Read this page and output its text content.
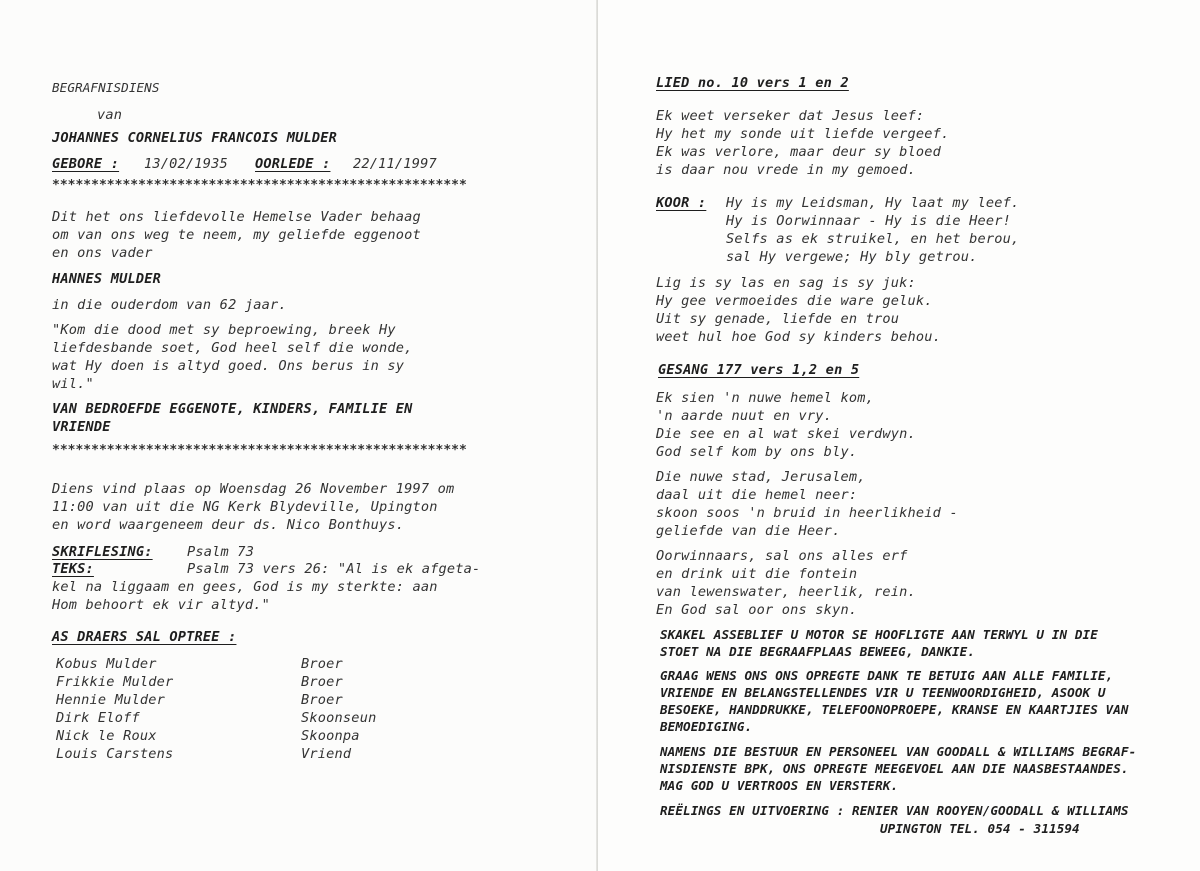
BEGRAFNISDIENS
van
JOHANNES CORNELIUS FRANCOIS MULDER
GEBORE : 13/02/1935 OORLEDE : 22/11/1997
*****************************************************
Dit het ons liefdevolle Hemelse Vader behaag
om van ons weg te neem, my geliefde eggenoot
en ons vader
HANNES MULDER
in die ouderdom van 62 jaar.
"Kom die dood met sy beproewing, breek Hy
liefdesbande soet, God heel self die wonde,
wat Hy doen is altyd goed. Ons berus in sy
wil."
VAN BEDROEFDE EGGENOTE, KINDERS, FAMILIE EN
VRIENDE
*****************************************************
Diens vind plaas op Woensdag 26 November 1997 om
11:00 van uit die NG Kerk Blydeville, Upington
en word waargeneem deur ds. Nico Bonthuys.
SKRIFLESING:	Psalm 73
TEKS:	Psalm 73 vers 26: "Al is ek afgeta-
kel na liggaam en gees, God is my sterkte: aan
Hom behoort ek vir altyd."
AS DRAERS SAL OPTREE :
Kobus Mulder	Broer
Frikkie Mulder	Broer
Hennie Mulder	Broer
Dirk Eloff	Skoonseun
Nick le Roux	Skoonpa
Louis Carstens	Vriend
LIED no. 10 vers 1 en 2
Ek weet verseker dat Jesus leef:
Hy het my sonde uit liefde vergeef.
Ek was verlore, maar deur sy bloed
is daar nou vrede in my gemoed.
KOOR : Hy is my Leidsman, Hy laat my leef.
Hy is Oorwinnaar - Hy is die Heer!
Selfs as ek struikel, en het berou,
sal Hy vergewe; Hy bly getrou.
Lig is sy las en sag is sy juk:
Hy gee vermoeides die ware geluk.
Uit sy genade, liefde en trou
weet hul hoe God sy kinders behou.
GESANG 177 vers 1,2 en 5
Ek sien 'n nuwe hemel kom,
'n aarde nuut en vry.
Die see en al wat skei verdwyn.
God self kom by ons bly.
Die nuwe stad, Jerusalem,
daal uit die hemel neer:
skoon soos 'n bruid in heerlikheid -
geliefde van die Heer.
Oorwinnaars, sal ons alles erf
en drink uit die fontein
van lewenswater, heerlik, rein.
En God sal oor ons skyn.
SKAKEL ASSEBLIEF U MOTOR SE HOOFLIGTE AAN TERWYL U IN DIE
STOET NA DIE BEGRAAFPLAAS BEWEEG, DANKIE.
GRAAG WENS ONS ONS OPREGTE DANK TE BETUIG AAN ALLE FAMILIE,
VRIENDE EN BELANGSTELLENDES VIR U TEENWOORDIGHEID, ASOOK U
BESOEKE, HANDDRUKKE, TELEFOONOPROEPE, KRANSE EN KAARTJIES VAN
BEMOEDIGING.
NAMENS DIE BESTUUR EN PERSONEEL VAN GOODALL & WILLIAMS BEGRAF-
NISDIENSTE BPK, ONS OPREGTE MEEGEVOEL AAN DIE NAASBESTAANDES.
MAG GOD U VERTROOS EN VERSTERK.
REËLINGS EN UITVOERING : RENIER VAN ROOYEN/GOODALL & WILLIAMS
UPINGTON TEL. 054 - 311594
